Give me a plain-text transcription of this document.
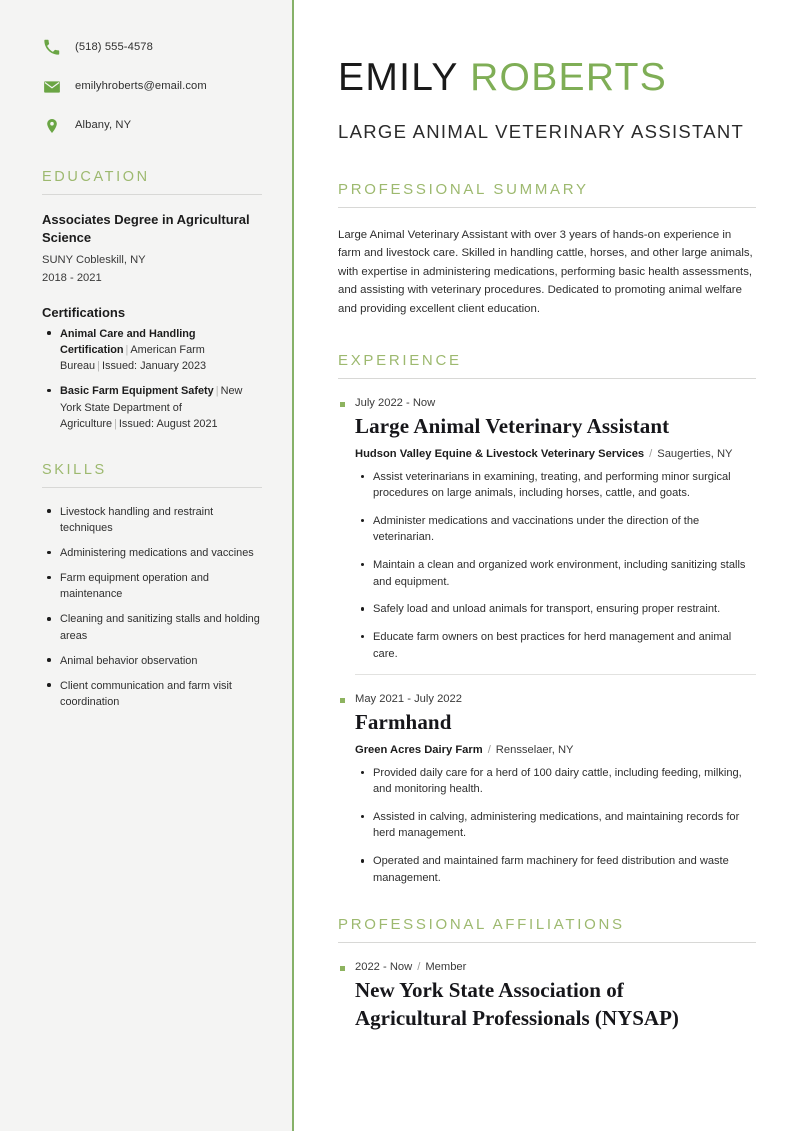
(518) 555-4578
emilyhroberts@email.com
Albany, NY
EDUCATION
Associates Degree in Agricultural Science
SUNY Cobleskill, NY
2018 - 2021
Certifications
Animal Care and Handling Certification | American Farm Bureau | Issued: January 2023
Basic Farm Equipment Safety | New York State Department of Agriculture | Issued: August 2021
SKILLS
Livestock handling and restraint techniques
Administering medications and vaccines
Farm equipment operation and maintenance
Cleaning and sanitizing stalls and holding areas
Animal behavior observation
Client communication and farm visit coordination
EMILY ROBERTS
LARGE ANIMAL VETERINARY ASSISTANT
PROFESSIONAL SUMMARY

Large Animal Veterinary Assistant with over 3 years of hands-on experience in farm and livestock care. Skilled in handling cattle, horses, and other large animals, with expertise in administering medications, performing basic health assessments, and assisting with veterinary procedures. Dedicated to promoting animal welfare and providing excellent client education.

EXPERIENCE
July 2022 - Now
Large Animal Veterinary Assistant
Hudson Valley Equine & Livestock Veterinary Services / Saugerties, NY
Assist veterinarians in examining, treating, and performing minor surgical procedures on large animals, including horses, cattle, and goats.
Administer medications and vaccinations under the direction of the veterinarian.
Maintain a clean and organized work environment, including sanitizing stalls and equipment.
Safely load and unload animals for transport, ensuring proper restraint.
Educate farm owners on best practices for herd management and animal care.
May 2021 - July 2022
Farmhand
Green Acres Dairy Farm / Rensselaer, NY
Provided daily care for a herd of 100 dairy cattle, including feeding, milking, and monitoring health.
Assisted in calving, administering medications, and maintaining records for herd management.
Operated and maintained farm machinery for feed distribution and waste management.
PROFESSIONAL AFFILIATIONS
2022 - Now / Member
New York State Association of Agricultural Professionals (NYSAP)
